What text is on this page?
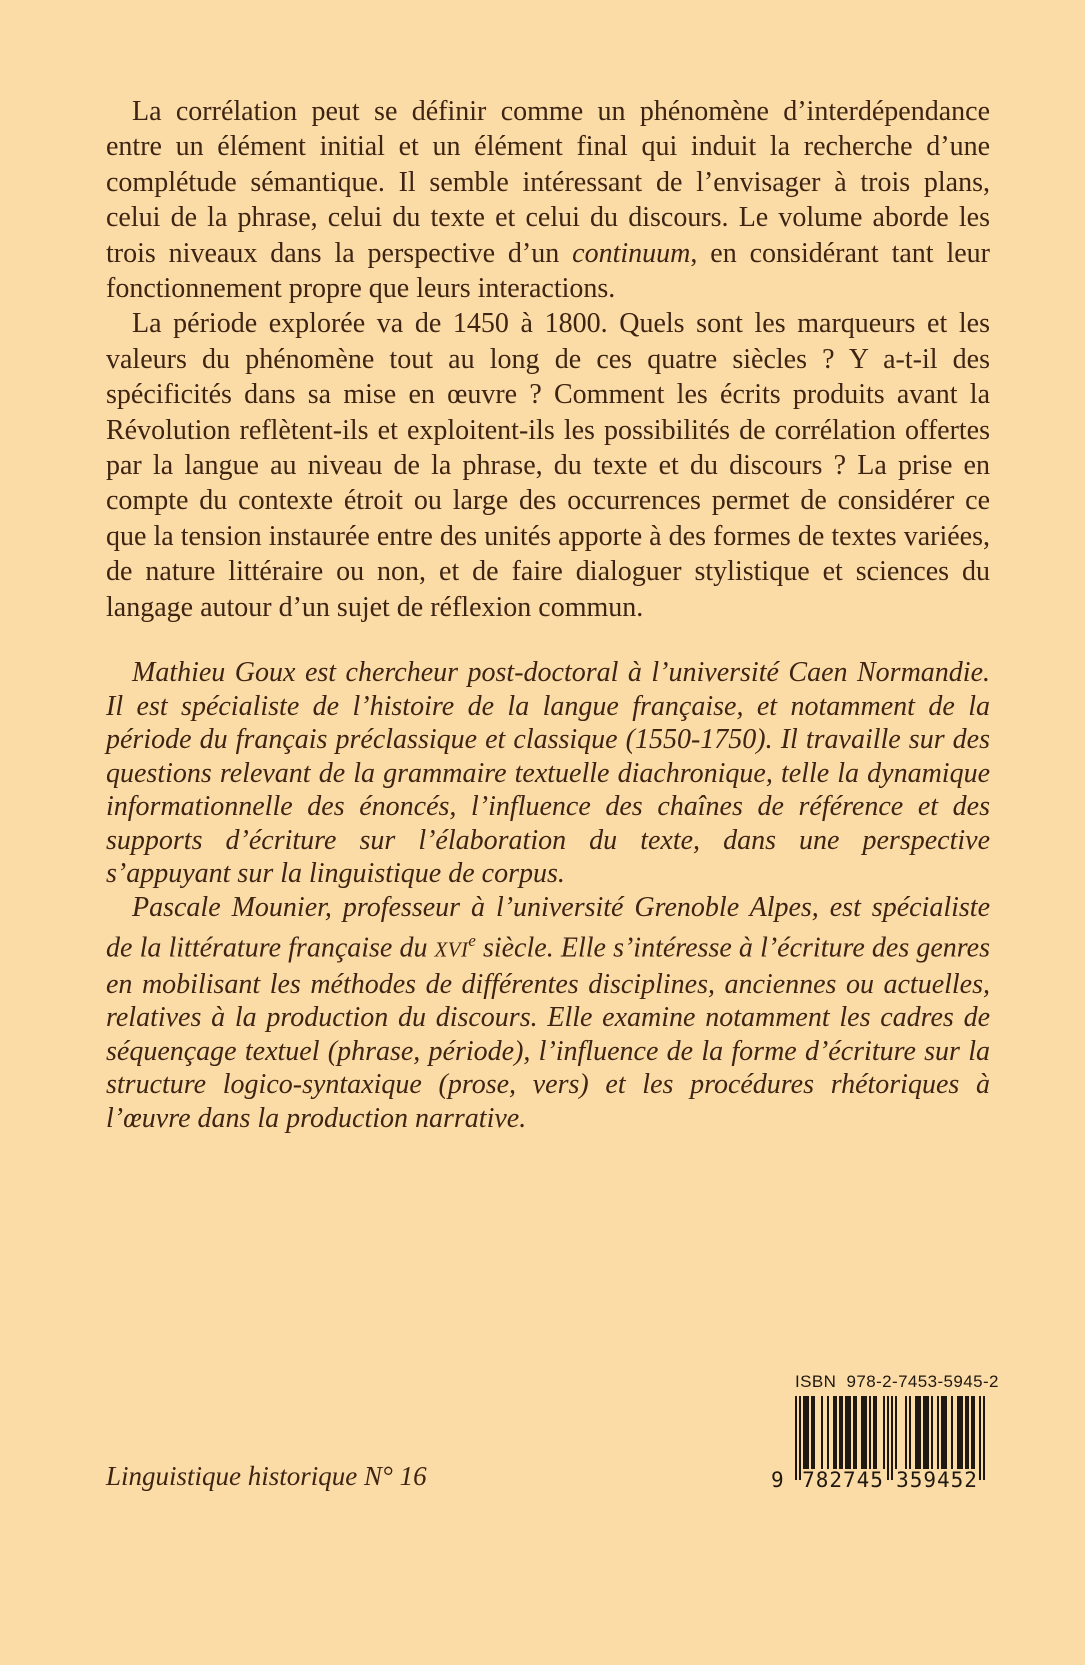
La corrélation peut se définir comme un phénomène d’interdépendance entre un élément initial et un élément final qui induit la recherche d’une complétude sémantique. Il semble intéressant de l’envisager à trois plans, celui de la phrase, celui du texte et celui du discours. Le volume aborde les trois niveaux dans la perspective d’un continuum, en considérant tant leur fonctionnement propre que leurs interactions.

La période explorée va de 1450 à 1800. Quels sont les marqueurs et les valeurs du phénomène tout au long de ces quatre siècles ? Y a-t-il des spécificités dans sa mise en œuvre ? Comment les écrits produits avant la Révolution reflètent-ils et exploitent-ils les possibilités de corrélation offertes par la langue au niveau de la phrase, du texte et du discours ? La prise en compte du contexte étroit ou large des occurrences permet de considérer ce que la tension instaurée entre des unités apporte à des formes de textes variées, de nature littéraire ou non, et de faire dialoguer stylistique et sciences du langage autour d’un sujet de réflexion commun.

Mathieu Goux est chercheur post-doctoral à l’université Caen Normandie. Il est spécialiste de l’histoire de la langue française, et notamment de la période du français préclassique et classique (1550-1750). Il travaille sur des questions relevant de la grammaire textuelle diachronique, telle la dynamique informationnelle des énoncés, l’influence des chaînes de référence et des supports d’écriture sur l’élaboration du texte, dans une perspective s’appuyant sur la linguistique de corpus.

Pascale Mounier, professeur à l’université Grenoble Alpes, est spécialiste de la littérature française du XVIe siècle. Elle s’intéresse à l’écriture des genres en mobilisant les méthodes de différentes disciplines, anciennes ou actuelles, relatives à la production du discours. Elle examine notamment les cadres de séquençage textuel (phrase, période), l’influence de la forme d’écriture sur la structure logico-syntaxique (prose, vers) et les procédures rhétoriques à l’œuvre dans la production narrative.

Linguistique historique N° 16
ISBN  978-2-7453-5945-2
9 782745 359452
